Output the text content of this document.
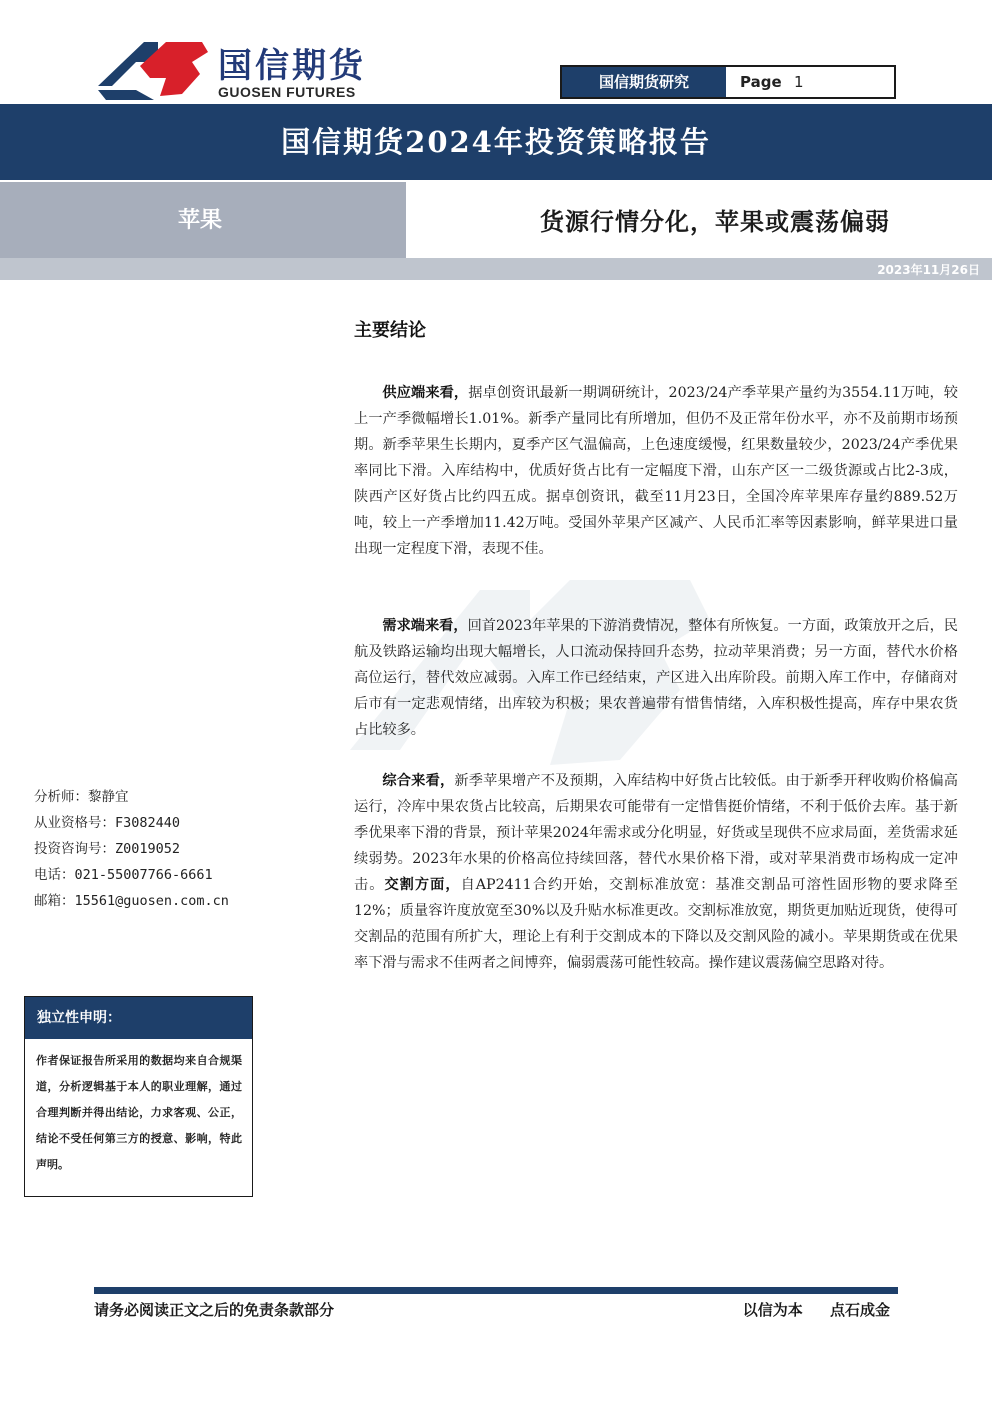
国信期货
GUOSEN FUTURES
国信期货研究	Page 1
国信期货2024年投资策略报告
苹果	货源行情分化，苹果或震荡偏弱
2023年11月26日
主要结论
供应端来看，据卓创资讯最新一期调研统计，2023/24产季苹果产量约为3554.11万吨，较上一产季微幅增长1.01%。新季产量同比有所增加，但仍不及正常年份水平，亦不及前期市场预期。新季苹果生长期内，夏季产区气温偏高，上色速度缓慢，红果数量较少，2023/24产季优果率同比下滑。入库结构中，优质好货占比有一定幅度下滑，山东产区一二级货源或占比2-3成，陕西产区好货占比约四五成。据卓创资讯，截至11月23日，全国冷库苹果库存量约889.52万吨，较上一产季增加11.42万吨。受国外苹果产区减产、人民币汇率等因素影响，鲜苹果进口量出现一定程度下滑，表现不佳。
需求端来看，回首2023年苹果的下游消费情况，整体有所恢复。一方面，政策放开之后，民航及铁路运输均出现大幅增长，人口流动保持回升态势，拉动苹果消费；另一方面，替代水价格高位运行，替代效应减弱。入库工作已经结束，产区进入出库阶段。前期入库工作中，存储商对后市有一定悲观情绪，出库较为积极；果农普遍带有惜售情绪，入库积极性提高，库存中果农货占比较多。
综合来看，新季苹果增产不及预期，入库结构中好货占比较低。由于新季开秤收购价格偏高运行，冷库中果农货占比较高，后期果农可能带有一定惜售挺价情绪，不利于低价去库。基于新季优果率下滑的背景，预计苹果2024年需求或分化明显，好货或呈现供不应求局面，差货需求延续弱势。2023年水果的价格高位持续回落，替代水果价格下滑，或对苹果消费市场构成一定冲击。交割方面，自AP2411合约开始，交割标准放宽：基准交割品可溶性固形物的要求降至12%；质量容许度放宽至30%以及升贴水标准更改。交割标准放宽，期货更加贴近现货，使得可交割品的范围有所扩大，理论上有利于交割成本的下降以及交割风险的减小。苹果期货或在优果率下滑与需求不佳两者之间博弈，偏弱震荡可能性较高。操作建议震荡偏空思路对待。
分析师：黎静宜
从业资格号：F3082440
投资咨询号：Z0019052
电话：021-55007766-6661
邮箱：15561@guosen.com.cn
独立性申明：
作者保证报告所采用的数据均来自合规渠道，分析逻辑基于本人的职业理解，通过合理判断并得出结论，力求客观、公正，结论不受任何第三方的授意、影响，特此声明。
请务必阅读正文之后的免责条款部分	以信为本 点石成金
